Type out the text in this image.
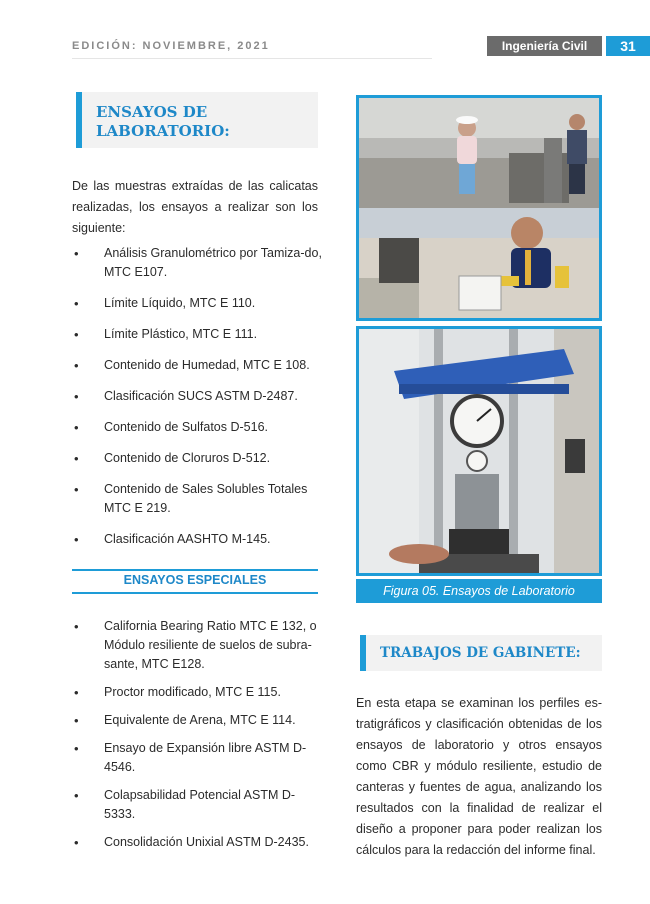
EDICIÓN: NOVIEMBRE, 2021	Ingeniería Civil	31
ENSAYOS DE
LABORATORIO:
De las muestras extraídas de las calicatas realizadas, los ensayos a realizar son los siguiente:
• Análisis Granulométrico por Tamiza-do, MTC E107.
• Límite Líquido, MTC E 110.
• Límite Plástico, MTC E 111.
• Contenido de Humedad, MTC E 108.
• Clasificación SUCS ASTM D-2487.
• Contenido de Sulfatos D-516.
• Contenido de Cloruros D-512.
• Contenido de Sales Solubles Totales MTC E 219.
• Clasificación AASHTO M-145.
ENSAYOS ESPECIALES
• California Bearing Ratio MTC E 132, o Módulo resiliente de suelos de subra-sante, MTC E128.
• Proctor modificado, MTC E 115.
• Equivalente de Arena, MTC E 114.
• Ensayo de Expansión libre ASTM D-4546.
• Colapsabilidad Potencial ASTM D-5333.
• Consolidación Unixial ASTM D-2435.
Figura 05. Ensayos de Laboratorio
TRABAJOS DE GABINETE:
En esta etapa se examinan los perfiles es-tratigráficos y clasificación obtenidas de los ensayos de laboratorio y otros ensayos como CBR y módulo resiliente, estudio de canteras y fuentes de agua, analizando los resultados con la finalidad de realizar el diseño a proponer para poder realizan los cálculos para la redacción del informe final.
